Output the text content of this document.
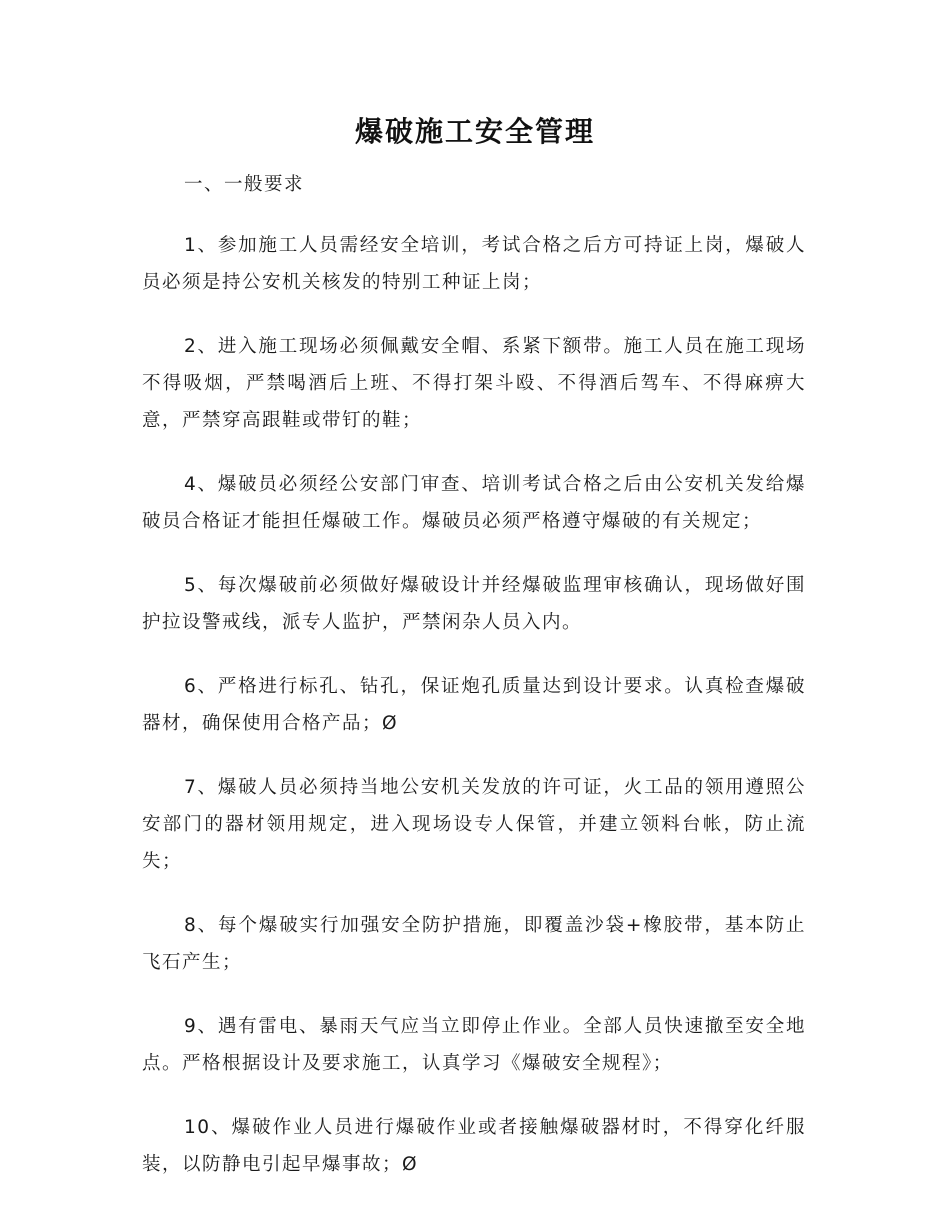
爆破施工安全管理

一、一般要求

1、参加施工人员需经安全培训，考试合格之后方可持证上岗，爆破人员必须是持公安机关核发的特别工种证上岗；

2、进入施工现场必须佩戴安全帽、系紧下额带。施工人员在施工现场不得吸烟，严禁喝酒后上班、不得打架斗殴、不得酒后驾车、不得麻痹大意，严禁穿高跟鞋或带钉的鞋；

4、爆破员必须经公安部门审查、培训考试合格之后由公安机关发给爆破员合格证才能担任爆破工作。爆破员必须严格遵守爆破的有关规定；

5、每次爆破前必须做好爆破设计并经爆破监理审核确认，现场做好围护拉设警戒线，派专人监护，严禁闲杂人员入内。

6、严格进行标孔、钻孔，保证炮孔质量达到设计要求。认真检查爆破器材，确保使用合格产品；Ø

7、爆破人员必须持当地公安机关发放的许可证，火工品的领用遵照公安部门的器材领用规定，进入现场设专人保管，并建立领料台帐，防止流失；

8、每个爆破实行加强安全防护措施，即覆盖沙袋+橡胶带，基本防止飞石产生；

9、遇有雷电、暴雨天气应当立即停止作业。全部人员快速撤至安全地点。严格根据设计及要求施工，认真学习《爆破安全规程》；

10、爆破作业人员进行爆破作业或者接触爆破器材时，不得穿化纤服装，以防静电引起早爆事故；Ø
